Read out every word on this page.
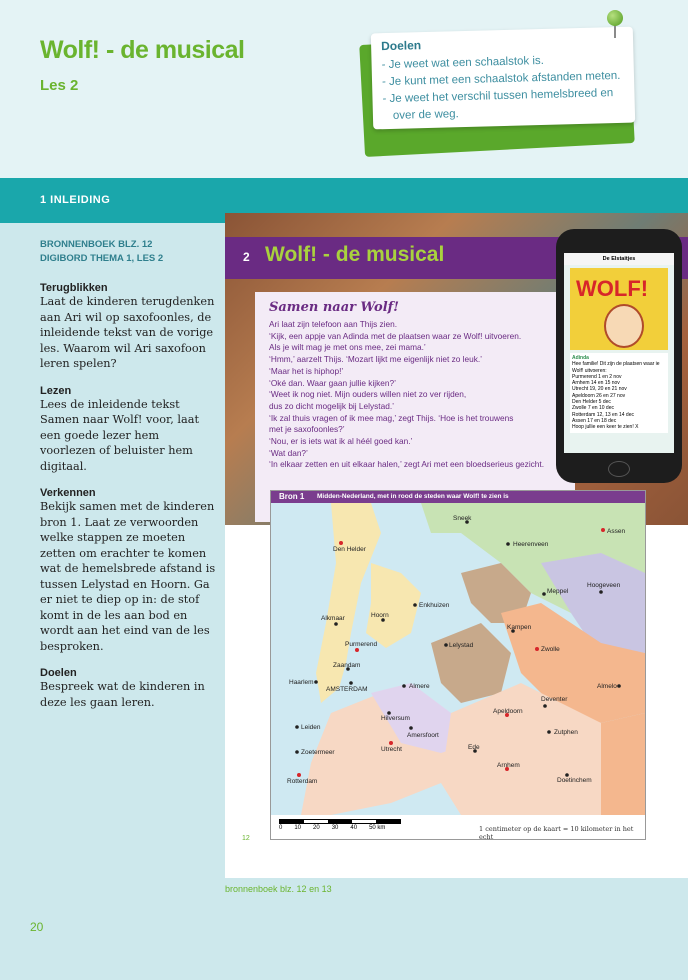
Wolf! - de musical
Les 2
Doelen
- Je weet wat een schaalstok is.
- Je kunt met een schaalstok afstanden meten.
- Je weet het verschil tussen hemelsbreed en over de weg.
1 INLEIDING
BRONNENBOEK BLZ. 12
DIGIBORD THEMA 1, LES 2
Terugblikken

Laat de kinderen terugdenken aan Ari wil op saxofoonles, de inleidende tekst van de vorige les. Waarom wil Ari saxofoon leren spelen?

Lezen

Lees de inleidende tekst Samen naar Wolf! voor, laat een goede lezer hem voorlezen of beluister hem digitaal.

Verkennen

Bekijk samen met de kinderen bron 1. Laat ze verwoorden welke stappen ze moeten zetten om erachter te komen wat de hemelsbrede afstand is tussen Lelystad en Hoorn. Ga er niet te diep op in: de stof komt in de les aan bod en wordt aan het eind van de les besproken.

Doelen

Bespreek wat de kinderen in deze les gaan leren.

2 Wolf! - de musical
Samen naar Wolf!
Ari laat zijn telefoon aan Thijs zien.
‘Kijk, een appje van Adinda met de plaatsen waar ze Wolf! uitvoeren.
Als je wilt mag je met ons mee, zei mama.’
‘Hmm,’ aarzelt Thijs. ‘Mozart lijkt me eigenlijk niet zo leuk.’
‘Maar het is hiphop!’
‘Oké dan. Waar gaan jullie kijken?’
‘Weet ik nog niet. Mijn ouders willen niet zo ver rijden,
dus zo dicht mogelijk bij Lelystad.’
‘Ik zal thuis vragen of ik mee mag,’ zegt Thijs. ‘Hoe is het trouwens
met je saxofoonles?’
‘Nou, er is iets wat ik al héél goed kan.’
‘Wat dan?’
‘In elkaar zetten en uit elkaar halen,’ zegt Ari met een bloedserieus gezicht.
De Elstaitjes
WOLF!
Adinda
Hee familie! Dit zijn de plaatsen waar ie Wolf! uitvoeren:
Purmerend 1 en 2 nov
Arnhem 14 en 15 nov
Utrecht 19, 20 en 21 nov
Apeldoorn 26 en 27 nov
Den Helder 5 dec
Zwolle 7 en 10 dec
Rotterdam 12, 13 en 14 dec
Assen 17 en 18 dec
Hoop jullie een keer te zien! X
Bron 1 Midden-Nederland, met in rood de steden waar Wolf! te zien is
Sneek
Assen
Den Helder
Heerenveen
Meppel
Hoogeveen
Enkhuizen
Alkmaar	Hoorn
Kampen
Purmerend	Lelystad
Zwolle
Zaandam
Haarlem
AMSTERDAM	Almere	Almelo
Deventer
Hilversum
Apeldoorn
Leiden
Amersfoort	Zutphen
Utrecht
Zoetermeer
Ede
Arnhem
Rotterdam	Doetinchem
0 10 20 30 40 50 km	1 centimeter op de kaart = 10 kilometer in het echt
12
bronnenboek blz. 12 en 13
20
